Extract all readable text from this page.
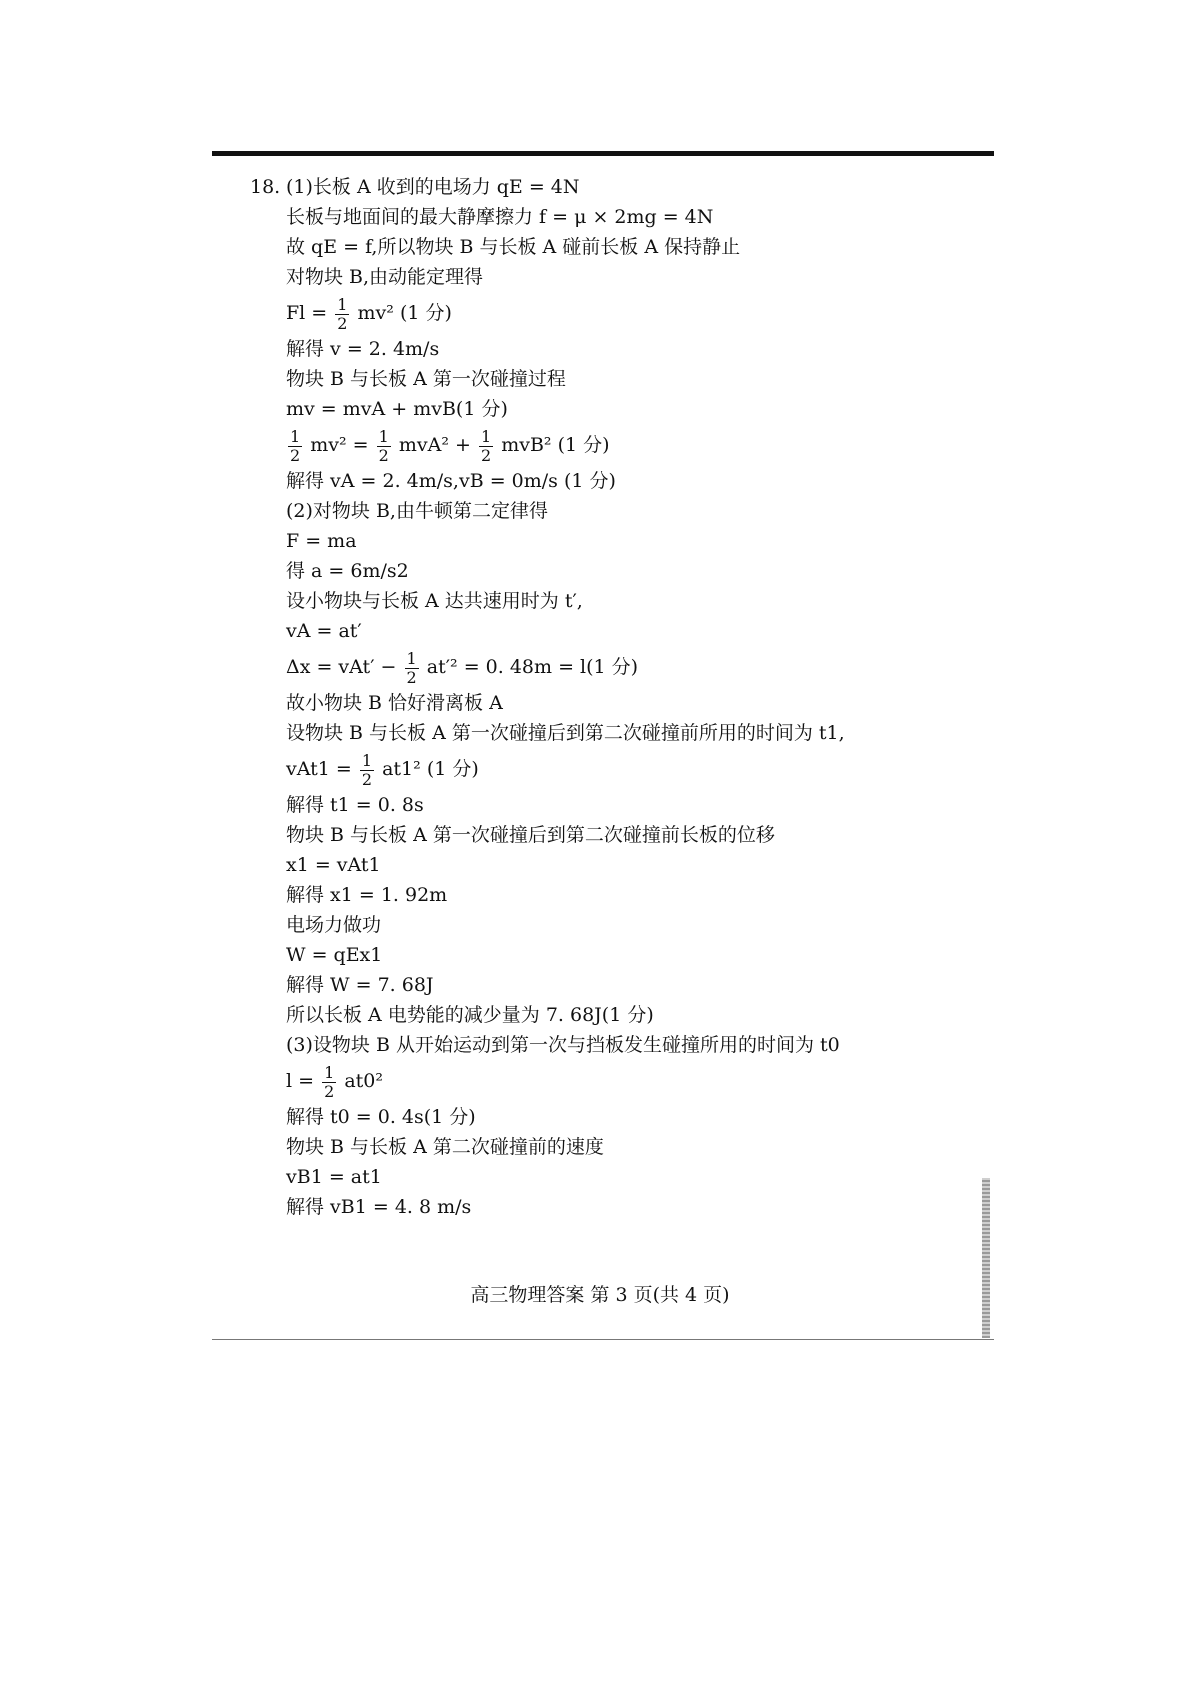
18. (1)长板 A 收到的电场力 qE = 4N
长板与地面间的最大静摩擦力 f = μ × 2mg = 4N
故 qE = f,所以物块 B 与长板 A 碰前长板 A 保持静止
对物块 B,由动能定理得
$Fl = \frac{1}{2} mv^2$ (1 分)
解得 v = 2. 4m/s
物块 B 与长板 A 第一次碰撞过程
mv = mvA + mvB(1 分)
$\frac{1}{2} mv^2 = \frac{1}{2} mvA^2 + \frac{1}{2} mvB^2$ (1 分)
解得 vA = 2. 4m/s,vB = 0m/s (1 分)
(2)对物块 B,由牛顿第二定律得
F = ma
得 a = 6m/s2
设小物块与长板 A 达共速用时为 t′,
vA = at′
$\Delta x = vAt' - \frac{1}{2} at'^2 = 0$. 48m = l(1 分)
故小物块 B 恰好滑离板 A
设物块 B 与长板 A 第一次碰撞后到第二次碰撞前所用的时间为 t1,
$vAt1 = \frac{1}{2} at1^2$ (1 分)
解得 t1 = 0. 8s
物块 B 与长板 A 第一次碰撞后到第二次碰撞前长板的位移
x1 = vAt1
解得 x1 = 1. 92m
电场力做功
W = qEx1
解得 W = 7. 68J
所以长板 A 电势能的减少量为 7. 68J(1 分)
(3)设物块 B 从开始运动到第一次与挡板发生碰撞所用的时间为 t0
$l = \frac{1}{2} at0^2$
解得 t0 = 0. 4s(1 分)
物块 B 与长板 A 第二次碰撞前的速度
vB1 = at1
解得 vB1 = 4. 8 m/s
高三物理答案 第 3 页(共 4 页)
